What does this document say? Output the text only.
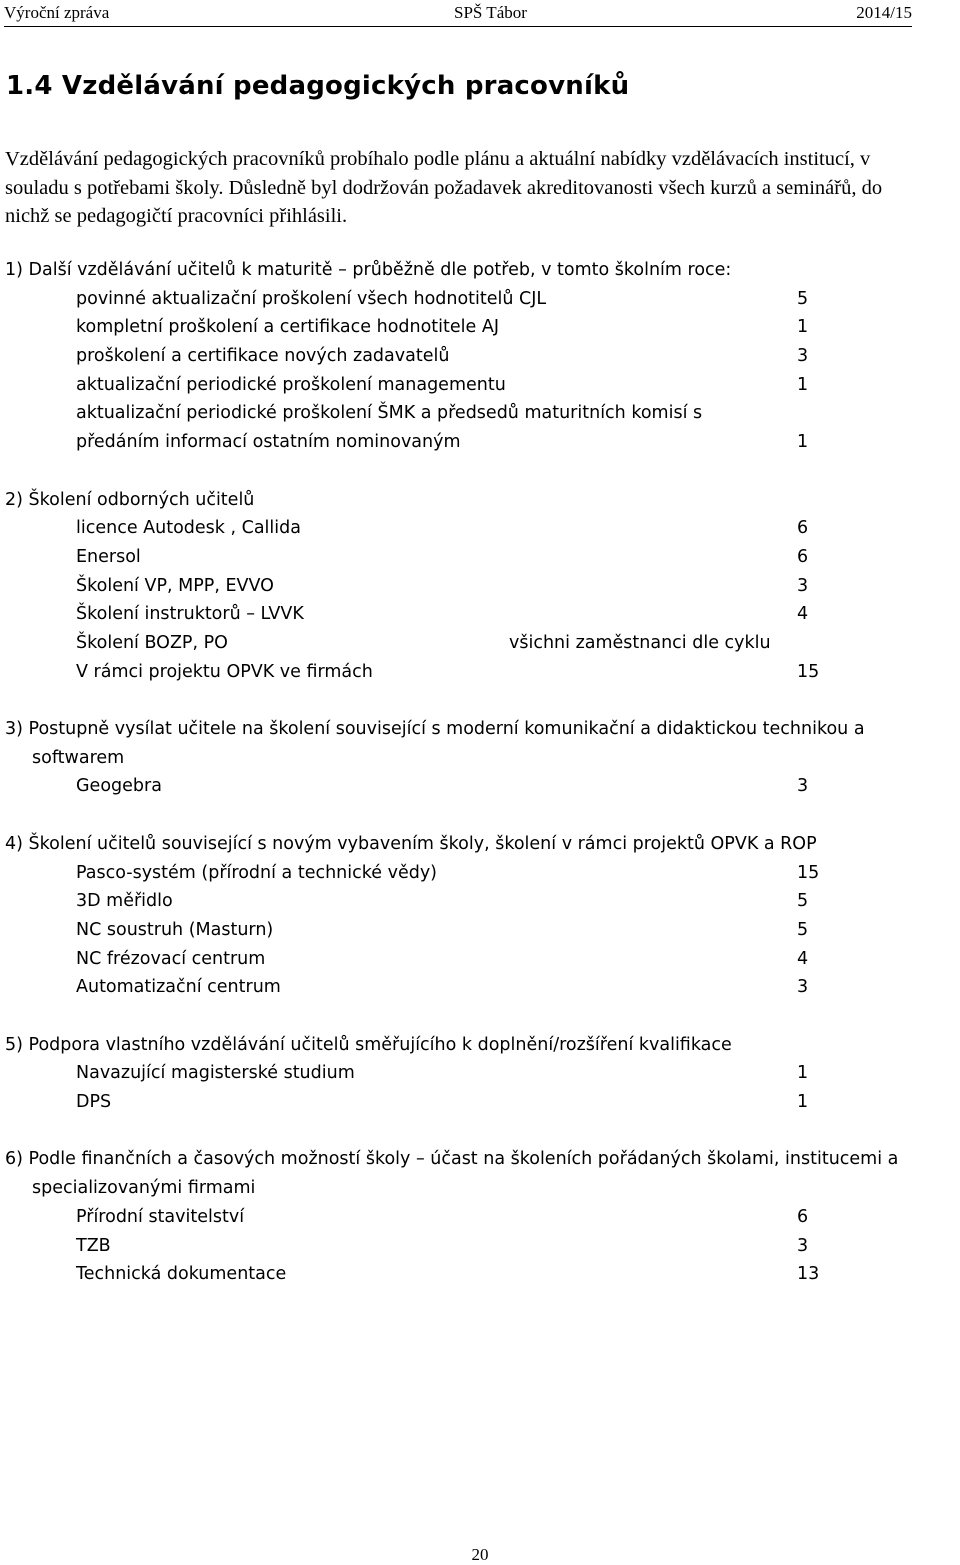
Výroční zpráva	SPŠ Tábor	2014/15
1.4 Vzdělávání pedagogických pracovníků

Vzdělávání pedagogických pracovníků probíhalo podle plánu a aktuální nabídky vzdělávacích institucí, v souladu s potřebami školy. Důsledně byl dodržován požadavek akreditovanosti všech kurzů a seminářů, do nichž se pedagogičtí pracovníci přihlásili.

1) Další vzdělávání učitelů k maturitě – průběžně dle potřeb, v tomto školním roce:
povinné aktualizační proškolení všech hodnotitelů CJL	5
kompletní proškolení a certifikace hodnotitele AJ	1
proškolení a certifikace nových zadavatelů	3
aktualizační periodické proškolení managementu	1
aktualizační periodické proškolení ŠMK a předsedů maturitních komisí s předáním informací ostatním nominovaným	1
2) Školení odborných učitelů
licence Autodesk , Callida	6
Enersol	6
Školení VP, MPP, EVVO	3
Školení instruktorů – LVVK	4
Školení BOZP, PO	všichni zaměstnanci dle cyklu
V rámci projektu OPVK ve firmách	15
3) Postupně vysílat učitele na školení související s moderní komunikační a didaktickou technikou a softwarem
Geogebra	3
4) Školení učitelů související s novým vybavením školy, školení v rámci projektů OPVK a ROP
Pasco-systém (přírodní a technické vědy)	15
3D měřidlo	5
NC soustruh (Masturn)	5
NC frézovací centrum	4
Automatizační centrum	3
5) Podpora vlastního vzdělávání učitelů směřujícího k doplnění/rozšíření kvalifikace
Navazující magisterské studium	1
DPS	1
6) Podle finančních a časových možností školy – účast na školeních pořádaných školami, institucemi a specializovanými firmami
Přírodní stavitelství	6
TZB	3
Technická dokumentace	13
20
